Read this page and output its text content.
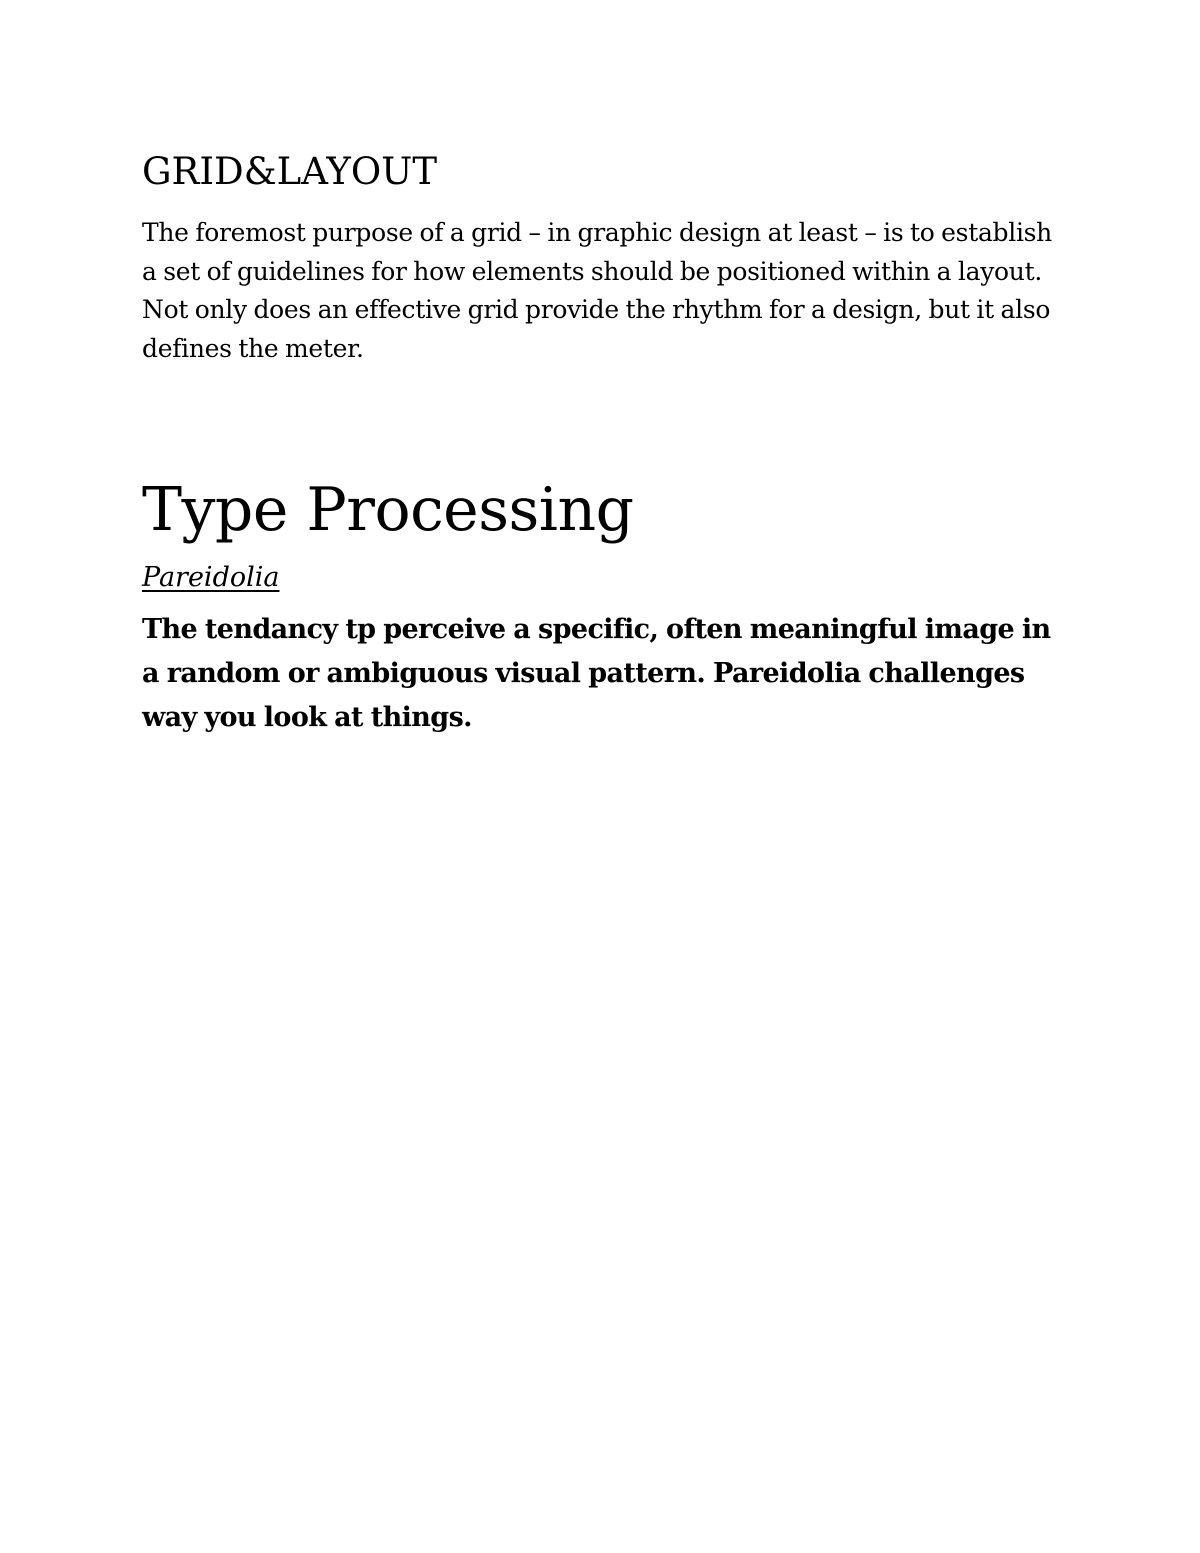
GRID&LAYOUT

The foremost purpose of a grid – in graphic design at least – is to establish a set of guidelines for how elements should be positioned within a layout. Not only does an effective grid provide the rhythm for a design, but it also defines the meter.

Type Processing
Pareidolia

The tendancy tp perceive a specific, often meaningful image in a random or ambiguous visual pattern. Pareidolia challenges way you look at things.
